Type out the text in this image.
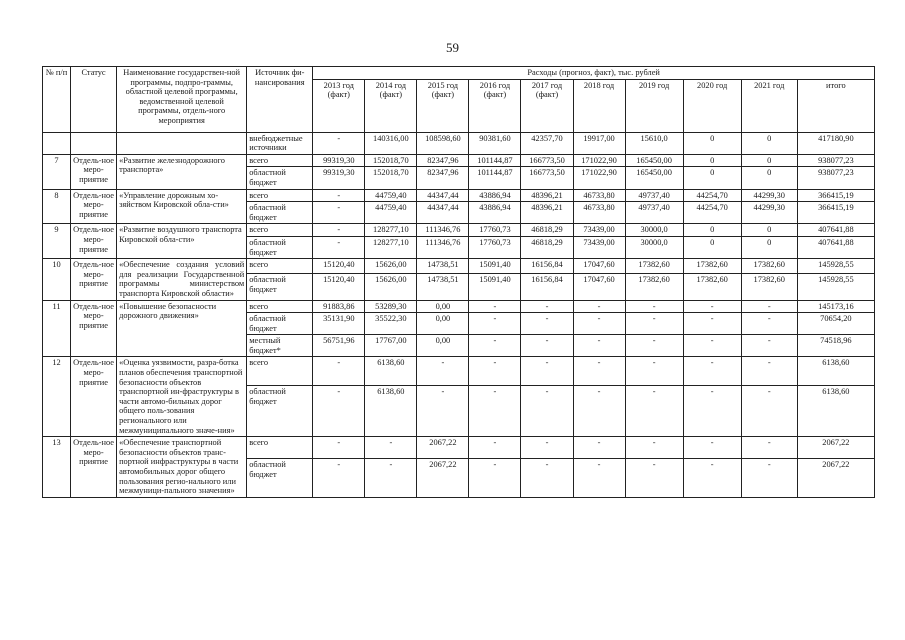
59
№ п/п	Статус	Наименование государствен-ной программы, подпро-граммы, областной целевой программы, ведомственной целевой программы, отдель-ного мероприятия	Источник фи-нансирования	Расходы (прогноз, факт), тыс. рублей									
				2013 год (факт)	2014 год (факт)	2015 год (факт)	2016 год (факт)	2017 год (факт)	2018 год	2019 год	2020 год	2021 год	итого
			внебюджетные источники	-	140316,00	108598,60	90381,60	42357,70	19917,00	15610,0	0	0	417180,90
7	Отдель-ное меро-приятие	«Развитие железнодорожного транспорта»	всего	99319,30	152018,70	82347,96	101144,87	166773,50	171022,90	165450,00	0	0	938077,23
			областной бюджет	99319,30	152018,70	82347,96	101144,87	166773,50	171022,90	165450,00	0	0	938077,23
8	Отдель-ное меро-приятие	«Управление дорожным хо-зяйством Кировской обла-сти»	всего	-	44759,40	44347,44	43886,94	48396,21	46733,80	49737,40	44254,70	44299,30	366415,19
			областной бюджет	-	44759,40	44347,44	43886,94	48396,21	46733,80	49737,40	44254,70	44299,30	366415,19
9	Отдель-ное меро-приятие	«Развитие воздушного транспорта Кировской обла-сти»	всего	-	128277,10	111346,76	17760,73	46818,29	73439,00	30000,0	0	0	407641,88
			областной бюджет	-	128277,10	111346,76	17760,73	46818,29	73439,00	30000,0	0	0	407641,88
10	Отдель-ное меро-приятие	«Обеспечение создания условий для реализации Государственной программы министерством транспорта Кировской области»	всего	15120,40	15626,00	14738,51	15091,40	16156,84	17047,60	17382,60	17382,60	17382,60	145928,55
			областной бюджет	15120,40	15626,00	14738,51	15091,40	16156,84	17047,60	17382,60	17382,60	17382,60	145928,55
11	Отдель-ное меро-приятие	«Повышение безопасности дорожного движения»	всего	91883,86	53289,30	0,00	-	-	-	-	-	-	145173,16
			областной бюджет	35131,90	35522,30	0,00	-	-	-	-	-	-	70654,20
			местный бюджет*	56751,96	17767,00	0,00	-	-	-	-	-	-	74518,96
12	Отдель-ное меро-приятие	«Оценка уязвимости, разра-ботка планов обеспечения транспортной безопасности объектов транспортной ин-фраструктуры в части автомо-бильных дорог общего поль-зования регионального или межмуниципального значе-ния»	всего	-	6138,60	-	-	-	-	-	-	-	6138,60
			областной бюджет	-	6138,60	-	-	-	-	-	-	-	6138,60
13	Отдель-ное меро-приятие	«Обеспечение транспортной безопасности объектов транс-портной инфраструктуры в части автомобильных дорог общего пользования регио-нального или межмуници-пального значения»	всего	-	-	2067,22	-	-	-	-	-	-	2067,22
			областной бюджет	-	-	2067,22	-	-	-	-	-	-	2067,22
